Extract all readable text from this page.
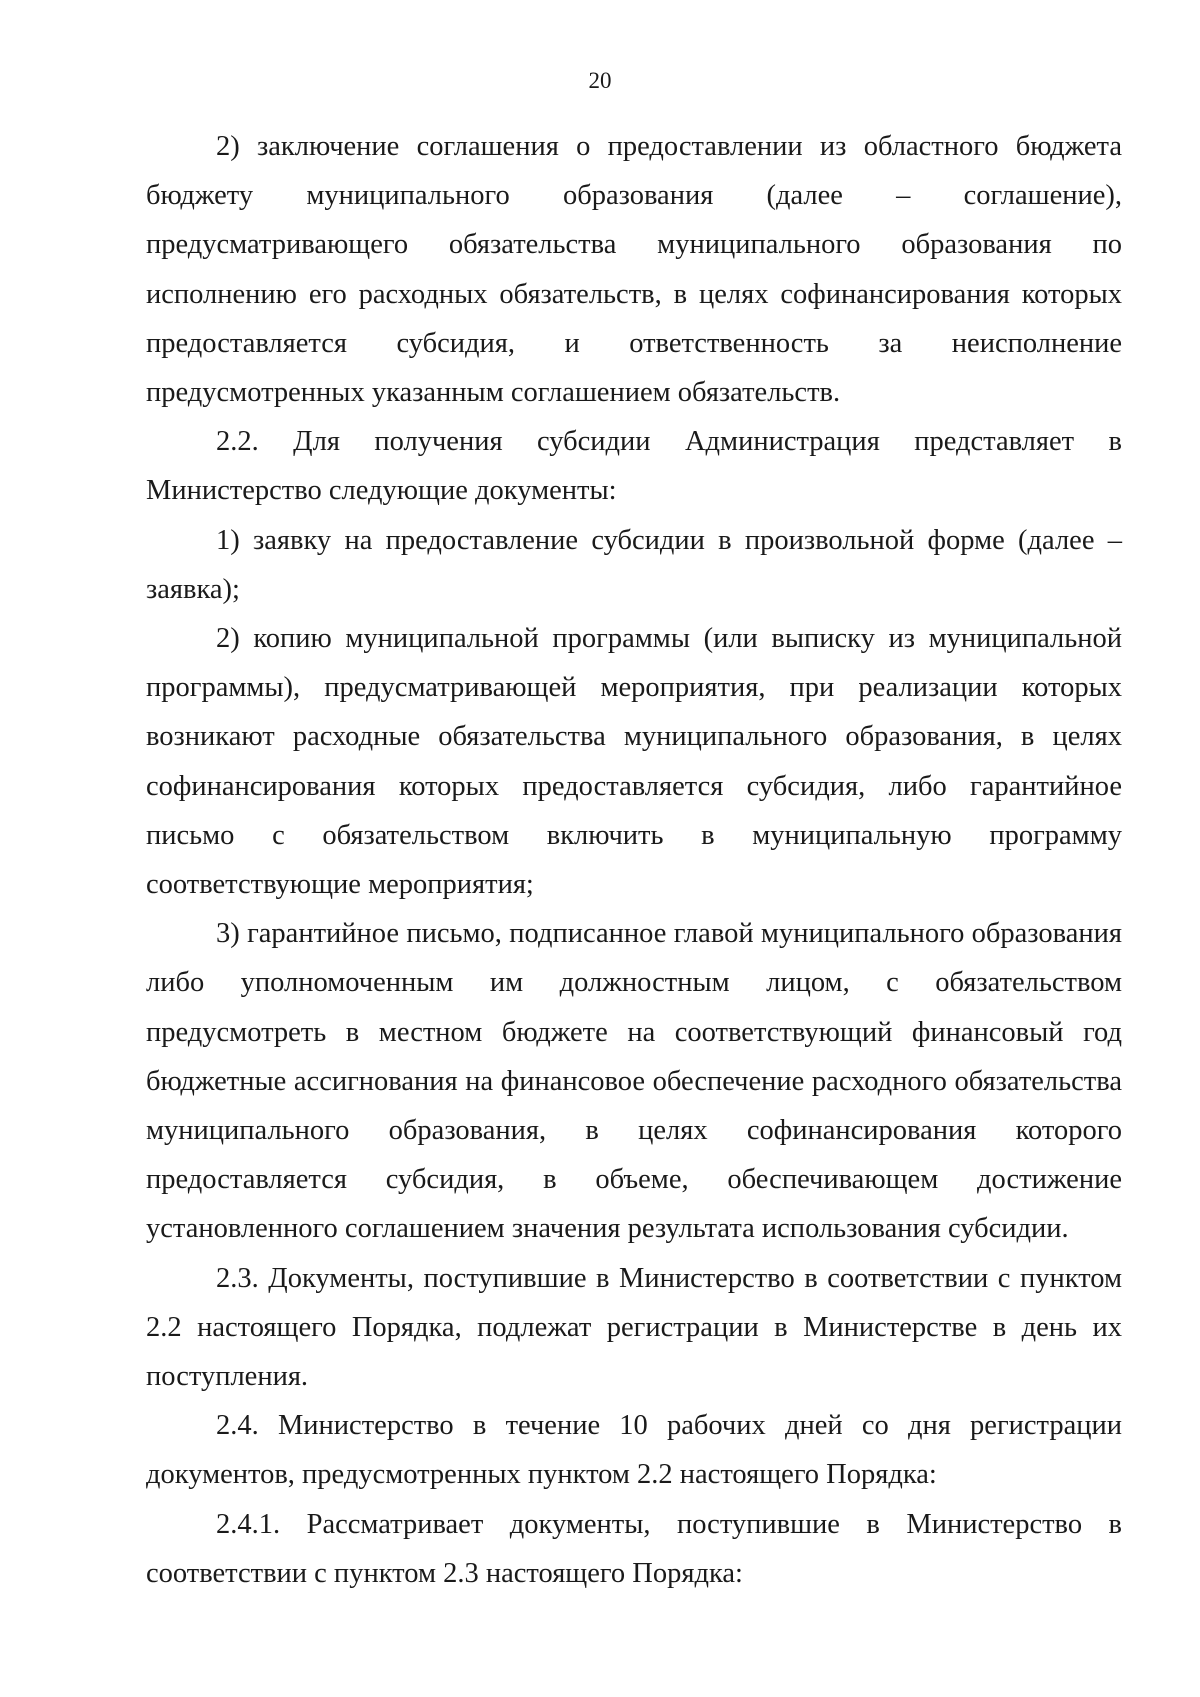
20

2) заключение соглашения о предоставлении из областного бюджета бюджету муниципального образования (далее – соглашение), предусматривающего обязательства муниципального образования по исполнению его расходных обязательств, в целях софинансирования которых предоставляется субсидия, и ответственность за неисполнение предусмотренных указанным соглашением обязательств.

2.2. Для получения субсидии Администрация представляет в Министерство следующие документы:

1) заявку на предоставление субсидии в произвольной форме (далее – заявка);

2) копию муниципальной программы (или выписку из муниципальной программы), предусматривающей мероприятия, при реализации которых возникают расходные обязательства муниципального образования, в целях софинансирования которых предоставляется субсидия, либо гарантийное письмо с обязательством включить в муниципальную программу соответствующие мероприятия;

3) гарантийное письмо, подписанное главой муниципального образования либо уполномоченным им должностным лицом, с обязательством предусмотреть в местном бюджете на соответствующий финансовый год бюджетные ассигнования на финансовое обеспечение расходного обязательства муниципального образования, в целях софинансирования которого предоставляется субсидия, в объеме, обеспечивающем достижение установленного соглашением значения результата использования субсидии.

2.3. Документы, поступившие в Министерство в соответствии с пунктом 2.2 настоящего Порядка, подлежат регистрации в Министерстве в день их поступления.

2.4. Министерство в течение 10 рабочих дней со дня регистрации документов, предусмотренных пунктом 2.2 настоящего Порядка:

2.4.1. Рассматривает документы, поступившие в Министерство в соответствии с пунктом 2.3 настоящего Порядка:
